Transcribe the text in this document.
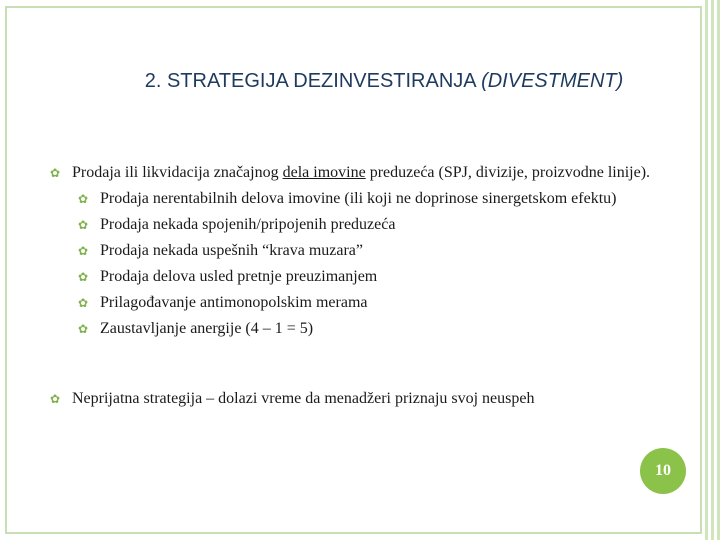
2. STRATEGIJA DEZINVESTIRANJA (DIVESTMENT)
✿ Prodaja ili likvidacija značajnog dela imovine preduzeća (SPJ, divizije, proizvodne linije).
✿ Prodaja nerentabilnih delova imovine (ili koji ne doprinose sinergetskom efektu)
✿ Prodaja nekada spojenih/pripojenih preduzeća
✿ Prodaja nekada uspešnih “krava muzara”
✿ Prodaja delova usled pretnje preuzimanjem
✿ Prilagođavanje antimonopolskim merama
✿ Zaustavljanje anergije (4 – 1 = 5)
✿ Neprijatna strategija – dolazi vreme da menadžeri priznaju svoj neuspeh
10
